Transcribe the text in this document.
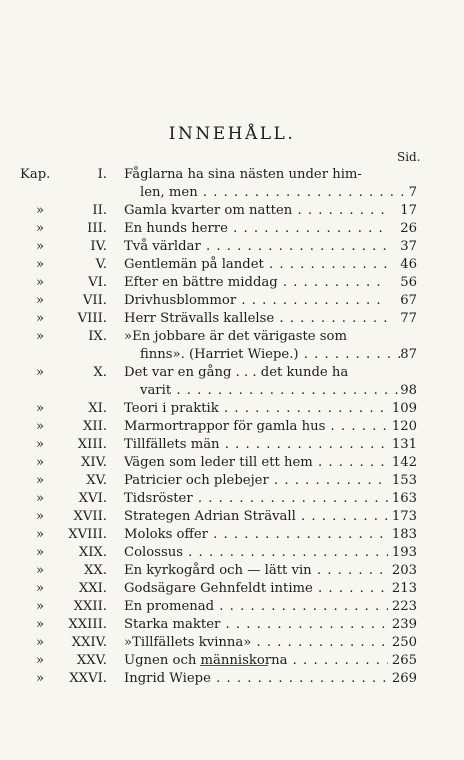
INNEHÅLL.
Sid.
Kap.	I. Fåglarna ha sina nästen under him-
len, men . . .	7
»	II. Gamla kvarter om natten . . .	17
»	III. En hunds herre . . .	26
»	IV. Två världar . . .	37
»	V. Gentlemän på landet . . .	46
»	VI. Efter en bättre middag . . .	56
»	VII. Drivhusblommor . . .	67
»	VIII. Herr Strävalls kallelse . . .	77
»	IX. »En jobbare är det värigaste som
finns». (Harriet Wiepe.) . . .	87
»	X. Det var en gång . . . det kunde ha
varit . . .	98
»	XI. Teori i praktik . . .	109
»	XII. Marmortrappor för gamla hus . . .	120
»	XIII. Tillfällets män . . .	131
»	XIV. Vägen som leder till ett hem . . .	142
»	XV. Patricier och plebejer . . .	153
»	XVI. Tidsröster . . .	163
» XVII. Strategen Adrian Strävall . . .	173
» XVIII. Moloks offer . . .	183
»	XIX. Colossus . . .	193
»	XX. En kyrkogård och — lätt vin . . .	203
»	XXI. Godsägare Gehnfeldt intime . . .	213
» XXII. En promenad . . .	223
» XXIII. Starka makter . . .	239
» XXIV. »Tillfällets kvinna» . . .	250
» XXV. Ugnen och människorna . . .	265
» XXVI. Ingrid Wiepe . . .	269
